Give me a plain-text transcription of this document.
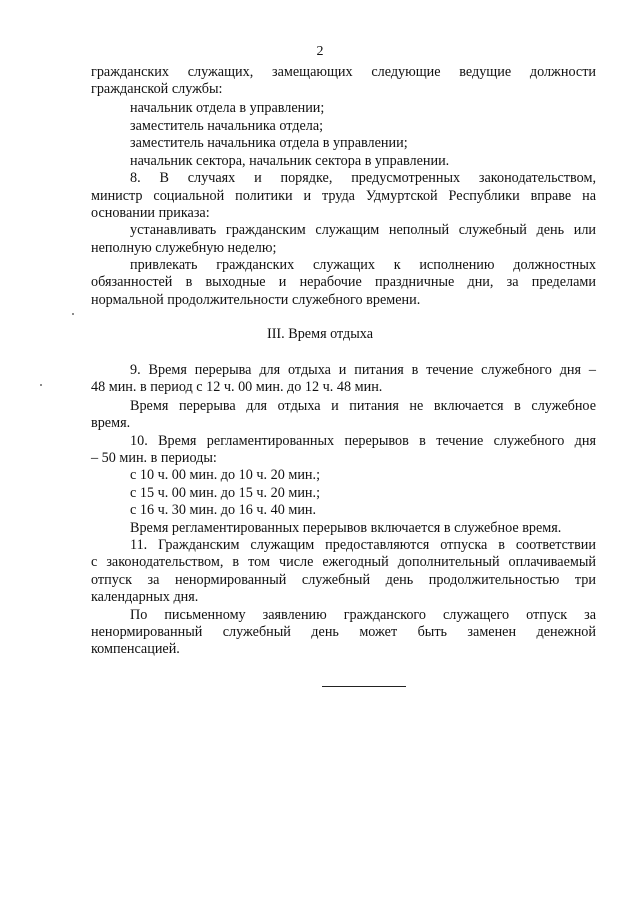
2
гражданских служащих, замещающих следующие ведущие должности
гражданской службы:
начальник отдела в управлении;
заместитель начальника отдела;
заместитель начальника отдела в управлении;
начальник сектора, начальник сектора в управлении.
8. В случаях и порядке, предусмотренных законодательством,
министр социальной политики и труда Удмуртской Республики вправе на
основании приказа:
устанавливать гражданским служащим неполный служебный день или
неполную служебную неделю;
привлекать гражданских служащих к исполнению должностных
обязанностей в выходные и нерабочие праздничные дни, за пределами
нормальной продолжительности служебного времени.
III. Время отдыха
9. Время перерыва для отдыха и питания в течение служебного дня –
48 мин. в период с 12 ч. 00 мин. до 12 ч. 48 мин.
Время перерыва для отдыха и питания не включается в служебное
время.
10. Время регламентированных перерывов в течение служебного дня
– 50 мин. в периоды:
с 10 ч. 00 мин. до 10 ч. 20 мин.;
с 15 ч. 00 мин. до 15 ч. 20 мин.;
с 16 ч. 30 мин. до 16 ч. 40 мин.
Время регламентированных перерывов включается в служебное время.
11. Гражданским служащим предоставляются отпуска в соответствии
с законодательством, в том числе ежегодный дополнительный оплачиваемый
отпуск за ненормированный служебный день продолжительностью три
календарных дня.
По письменному заявлению гражданского служащего отпуск за
ненормированный служебный день может быть заменен денежной
компенсацией.
